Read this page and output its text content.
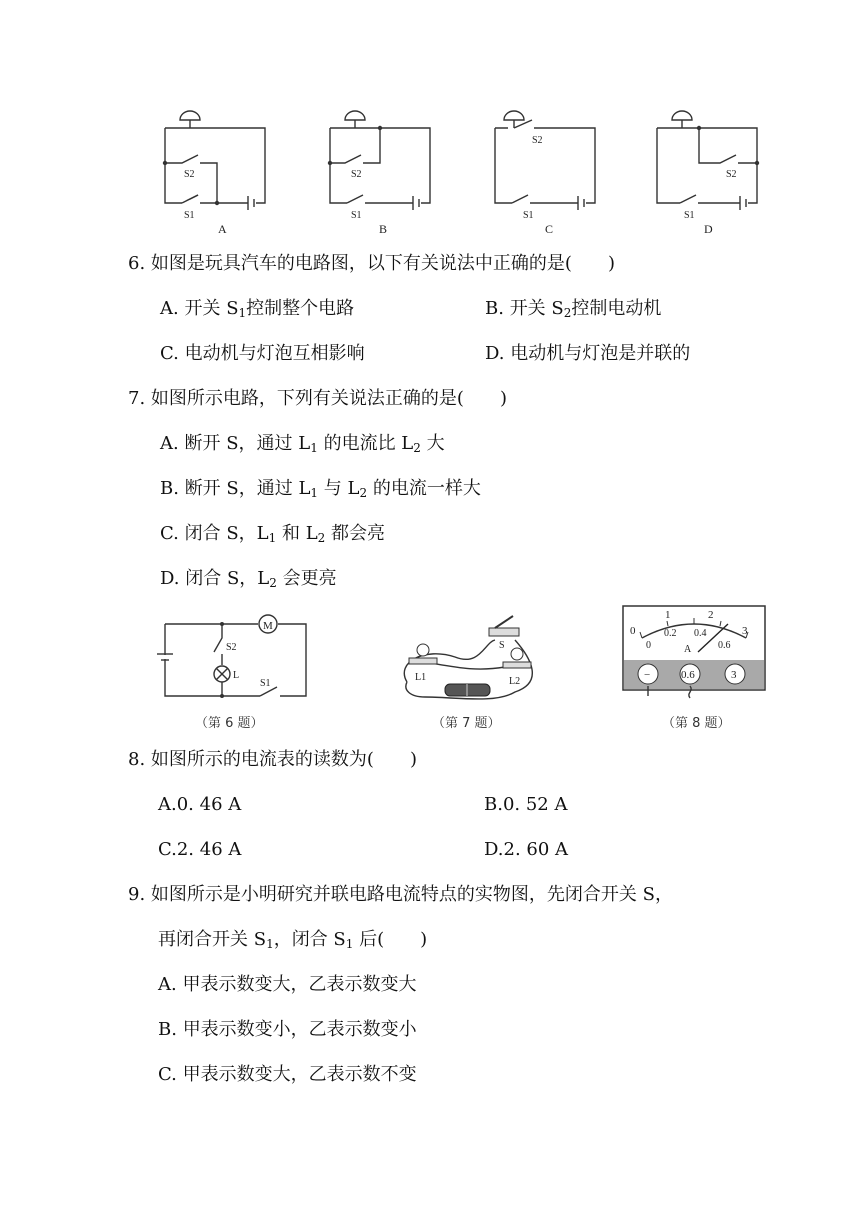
S2
S1
A
S2
S1
B
S2
S1
C
S2
S1
D
6. 如图是玩具汽车的电路图，以下有关说法中正确的是(　　)
A. 开关 $S_1$控制整个电路	B. 开关 $S_2$控制电动机
C. 电动机与灯泡互相影响	D. 电动机与灯泡是并联的
7. 如图所示电路，下列有关说法正确的是(　　)
A. 断开 S，通过 $L_1$ 的电流比 $L_2$ 大
B. 断开 S，通过 $L_1$ 与 $L_2$ 的电流一样大
C. 闭合 S，$L_1$ 和 $L_2$ 都会亮
D. 闭合 S，$L_2$ 会更亮
M
S2
L
S1
（第 6 题）
S
L1	L2
（第 7 题）
0
1	2
3
0
0.2 0.4
0.6
A
−	0.6	3
（第 8 题）
8. 如图所示的电流表的读数为(　　)
A.0. 46 A	B.0. 52 A
C.2. 46 A	D.2. 60 A
9. 如图所示是小明研究并联电路电流特点的实物图，先闭合开关 S，
再闭合开关 $S_1$，闭合 $S_1$ 后(　　)
A. 甲表示数变大，乙表示数变大
B. 甲表示数变小，乙表示数变小
C. 甲表示数变大，乙表示数不变
